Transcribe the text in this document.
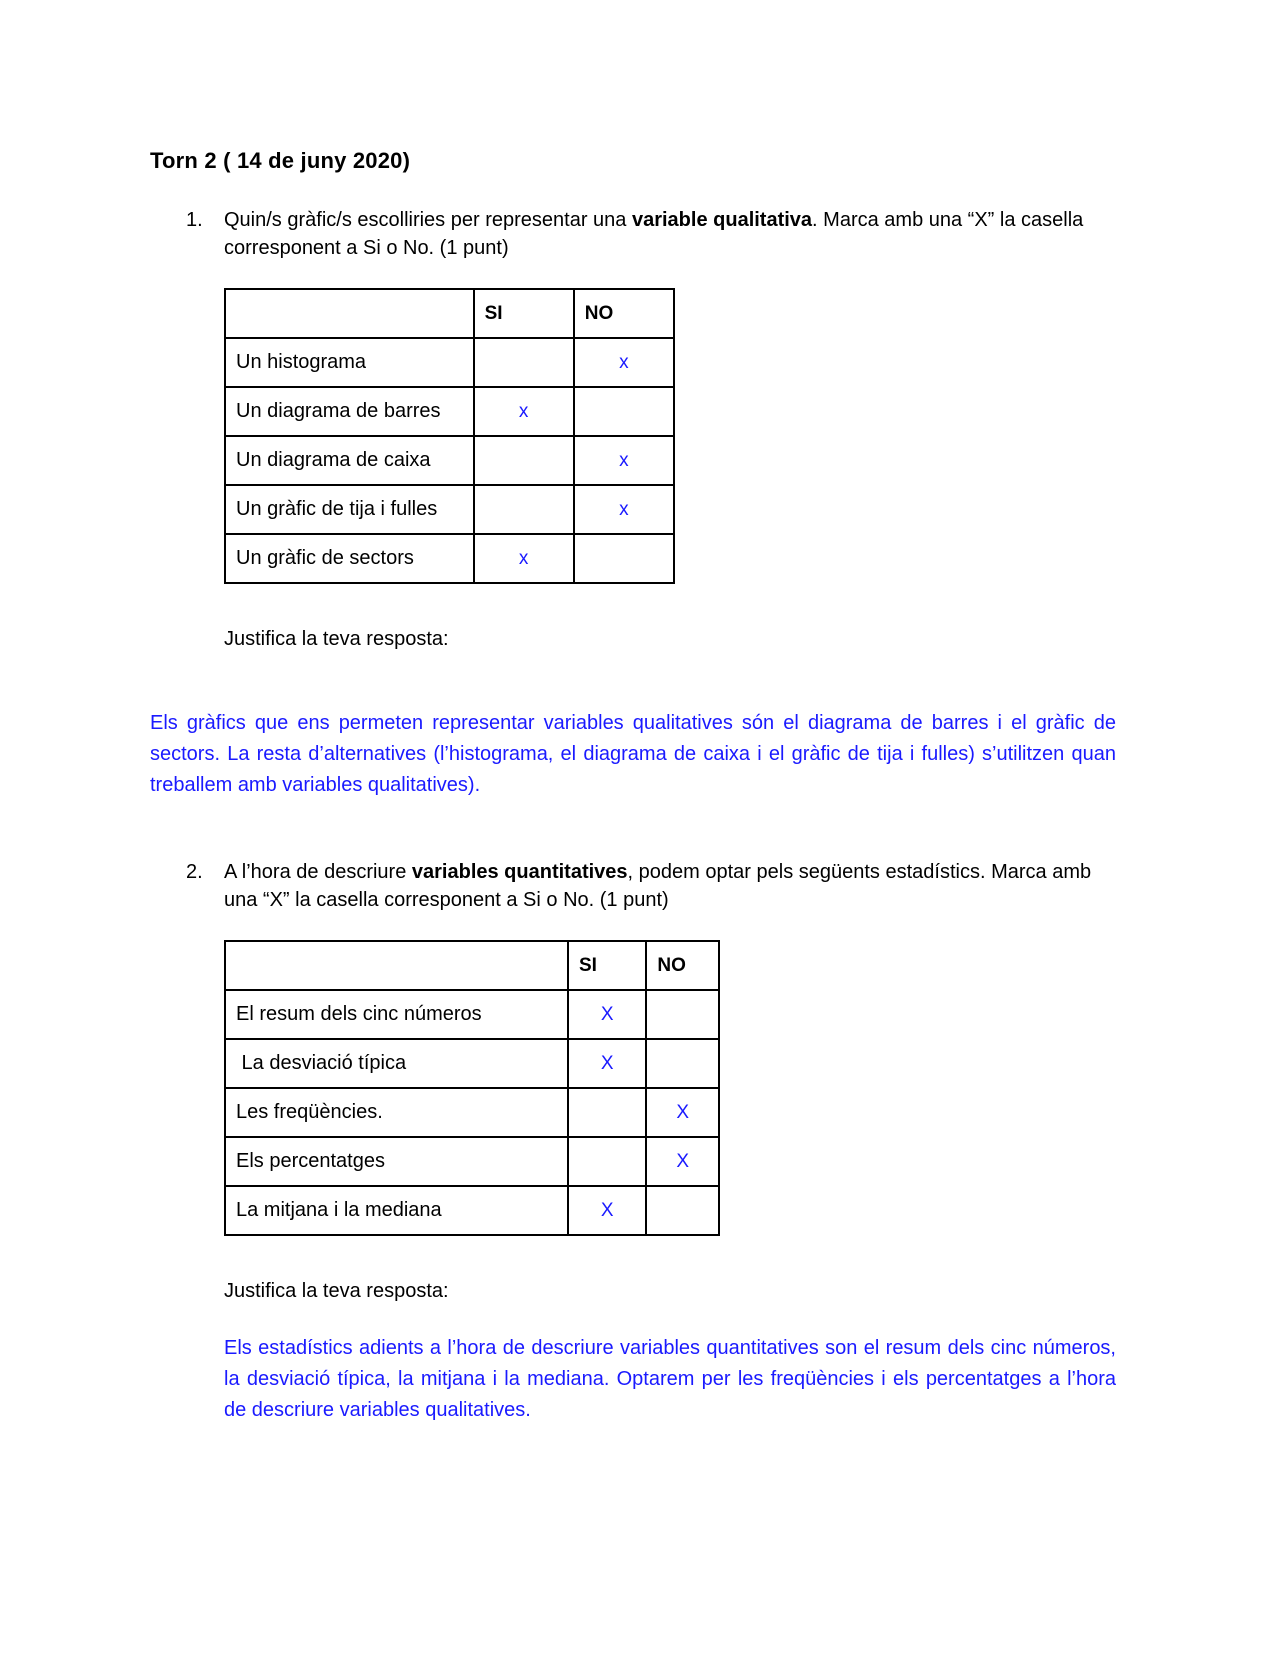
Torn 2 ( 14 de juny 2020)
1.	Quin/s gràfic/s escolliries per representar una variable qualitativa. Marca amb una “X” la casella corresponent a Si o No. (1 punt)
	SI	NO
Un histograma		x
Un diagrama de barres	x	
Un diagrama de caixa		x
Un gràfic de tija i fulles		x
Un gràfic de sectors	x	
Justifica la teva resposta:
Els gràfics que ens permeten representar variables qualitatives són el diagrama de barres i el gràfic de sectors. La resta d’alternatives (l’histograma, el diagrama de caixa i el gràfic de tija i fulles) s’utilitzen quan treballem amb variables qualitatives).
2.	A l’hora de descriure variables quantitatives, podem optar pels següents estadístics. Marca amb una “X” la casella corresponent a Si o No. (1 punt)
	SI	NO
El resum dels cinc números	X	
La desviació típica	X	
Les freqüències.		X
Els percentatges		X
La mitjana i la mediana	X	
Justifica la teva resposta:
Els estadístics adients a l’hora de descriure variables quantitatives son el resum dels cinc números, la desviació típica, la mitjana i la mediana. Optarem per les freqüències i els percentatges a l’hora de descriure variables qualitatives.
